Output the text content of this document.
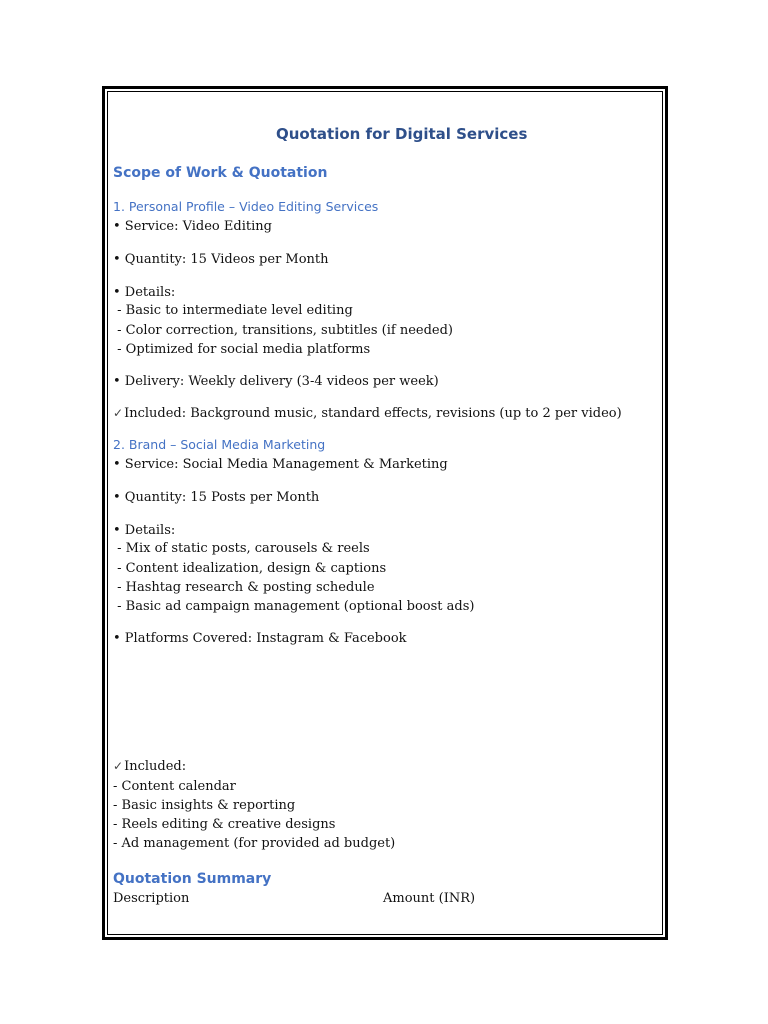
Quotation for Digital Services
Scope of Work & Quotation
1. Personal Profile – Video Editing Services
• Service: Video Editing
• Quantity: 15 Videos per Month
• Details:
- Basic to intermediate level editing
- Color correction, transitions, subtitles (if needed)
- Optimized for social media platforms
• Delivery: Weekly delivery (3-4 videos per week)
✓Included: Background music, standard effects, revisions (up to 2 per video)
2. Brand – Social Media Marketing
• Service: Social Media Management & Marketing
• Quantity: 15 Posts per Month
• Details:
- Mix of static posts, carousels & reels
- Content idealization, design & captions
- Hashtag research & posting schedule
- Basic ad campaign management (optional boost ads)
• Platforms Covered: Instagram & Facebook
✓Included:
- Content calendar
- Basic insights & reporting
- Reels editing & creative designs
- Ad management (for provided ad budget)
Quotation Summary
Description	Amount (INR)
